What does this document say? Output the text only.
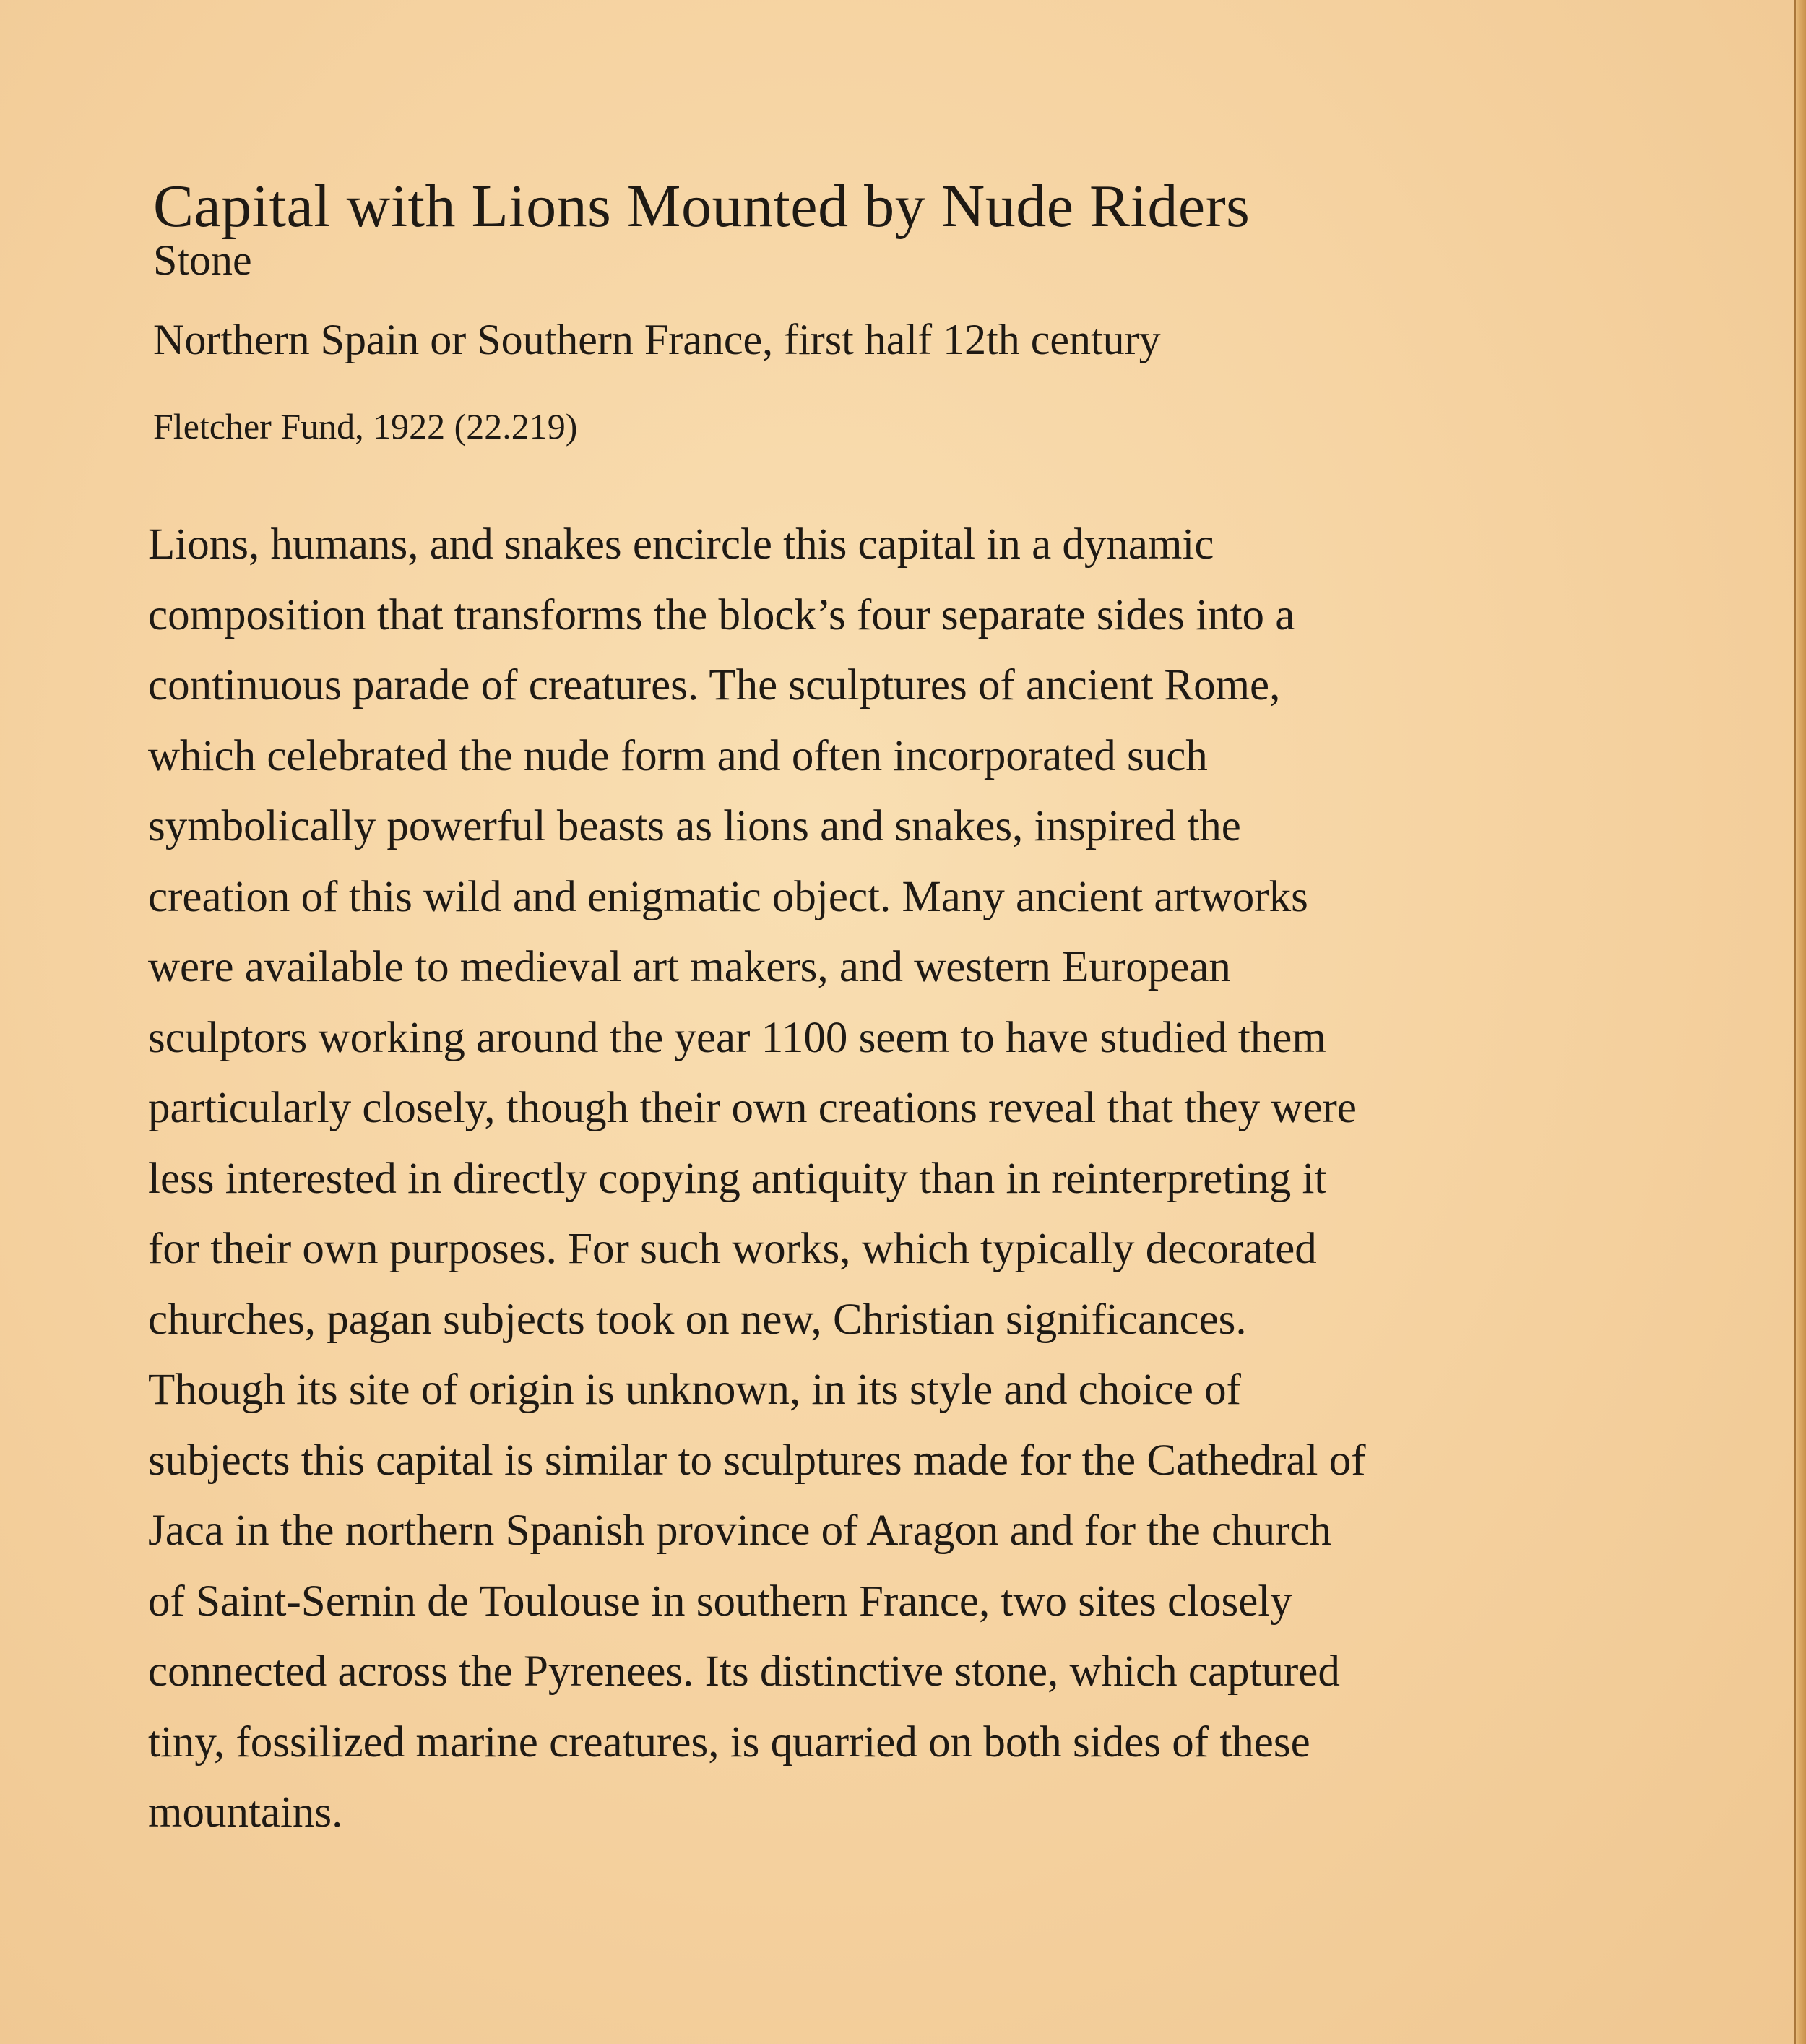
Capital with Lions Mounted by Nude Riders
Stone
Northern Spain or Southern France, first half 12th century
Fletcher Fund, 1922 (22.219)

Lions, humans, and snakes encircle this capital in a dynamic
composition that transforms the block’s four separate sides into a
continuous parade of creatures. The sculptures of ancient Rome,
which celebrated the nude form and often incorporated such
symbolically powerful beasts as lions and snakes, inspired the
creation of this wild and enigmatic object. Many ancient artworks
were available to medieval art makers, and western European
sculptors working around the year 1100 seem to have studied them
particularly closely, though their own creations reveal that they were
less interested in directly copying antiquity than in reinterpreting it
for their own purposes. For such works, which typically decorated
churches, pagan subjects took on new, Christian significances.
Though its site of origin is unknown, in its style and choice of
subjects this capital is similar to sculptures made for the Cathedral of
Jaca in the northern Spanish province of Aragon and for the church
of Saint-Sernin de Toulouse in southern France, two sites closely
connected across the Pyrenees. Its distinctive stone, which captured
tiny, fossilized marine creatures, is quarried on both sides of these
mountains.
